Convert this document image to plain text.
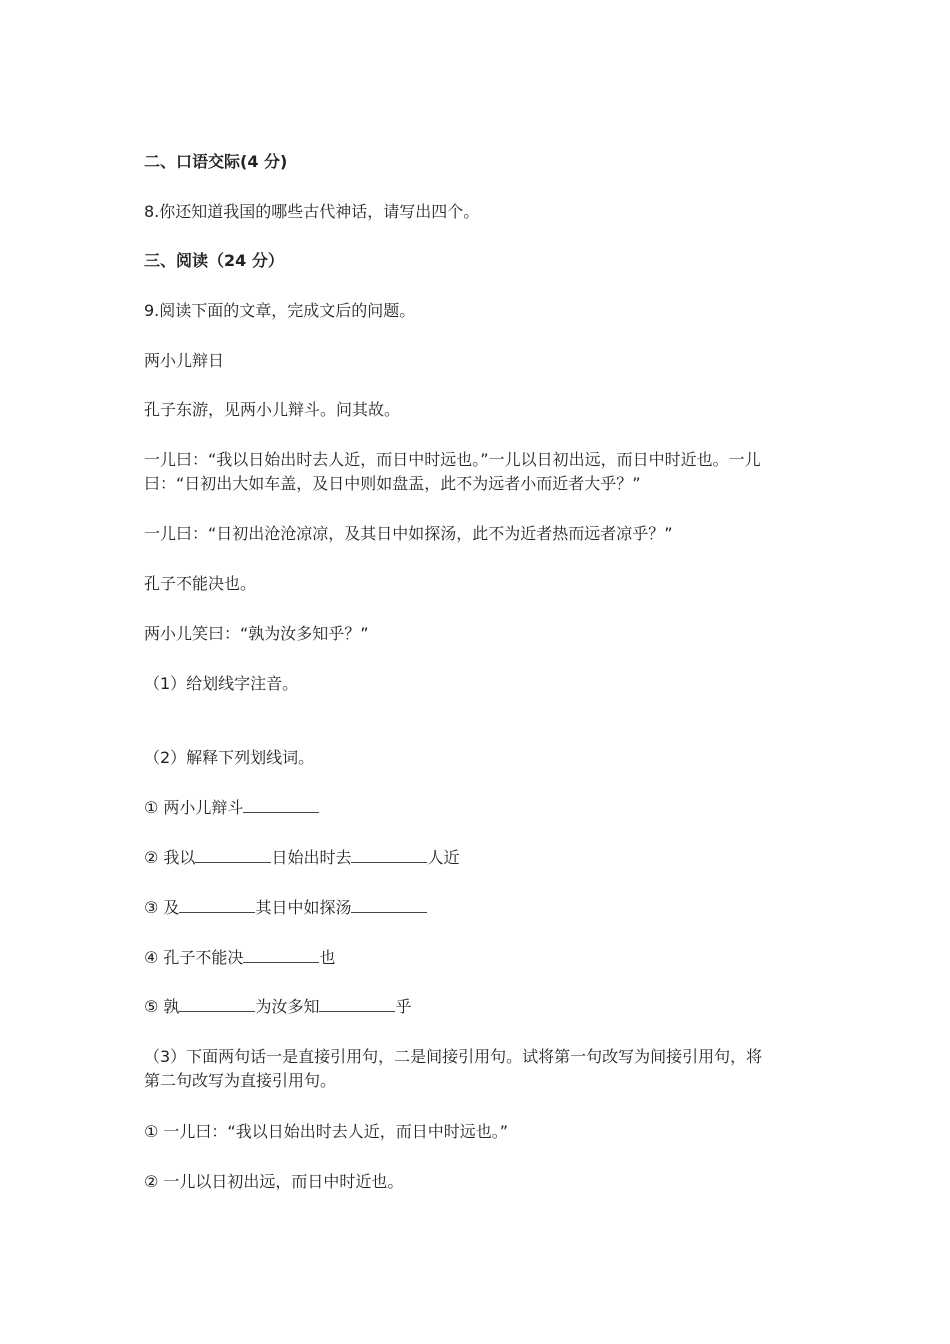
二、口语交际(4 分)
8.你还知道我国的哪些古代神话，请写出四个。
三、阅读（24 分）
9.阅读下面的文章，完成文后的问题。
两小儿辩日
孔子东游，见两小儿辩斗。问其故。
一儿曰：“我以日始出时去人近，而日中时远也。”一儿以日初出远，而日中时近也。一儿
曰：“日初出大如车盖，及日中则如盘盂，此不为远者小而近者大乎？”
一儿曰：“日初出沧沧凉凉，及其日中如探汤，此不为近者热而远者凉乎？”
孔子不能决也。
两小儿笑曰：“孰为汝多知乎？”
（1）给划线字注音。
（2）解释下列划线词。
① 两小儿辩斗
② 我以	日始出时去	人近
③ 及	其日中如探汤
④ 孔子不能决	也
⑤ 孰	为汝多知	乎
（3）下面两句话一是直接引用句，二是间接引用句。试将第一句改写为间接引用句，将
第二句改写为直接引用句。
① 一儿曰：“我以日始出时去人近，而日中时远也。”
② 一儿以日初出远，而日中时近也。
